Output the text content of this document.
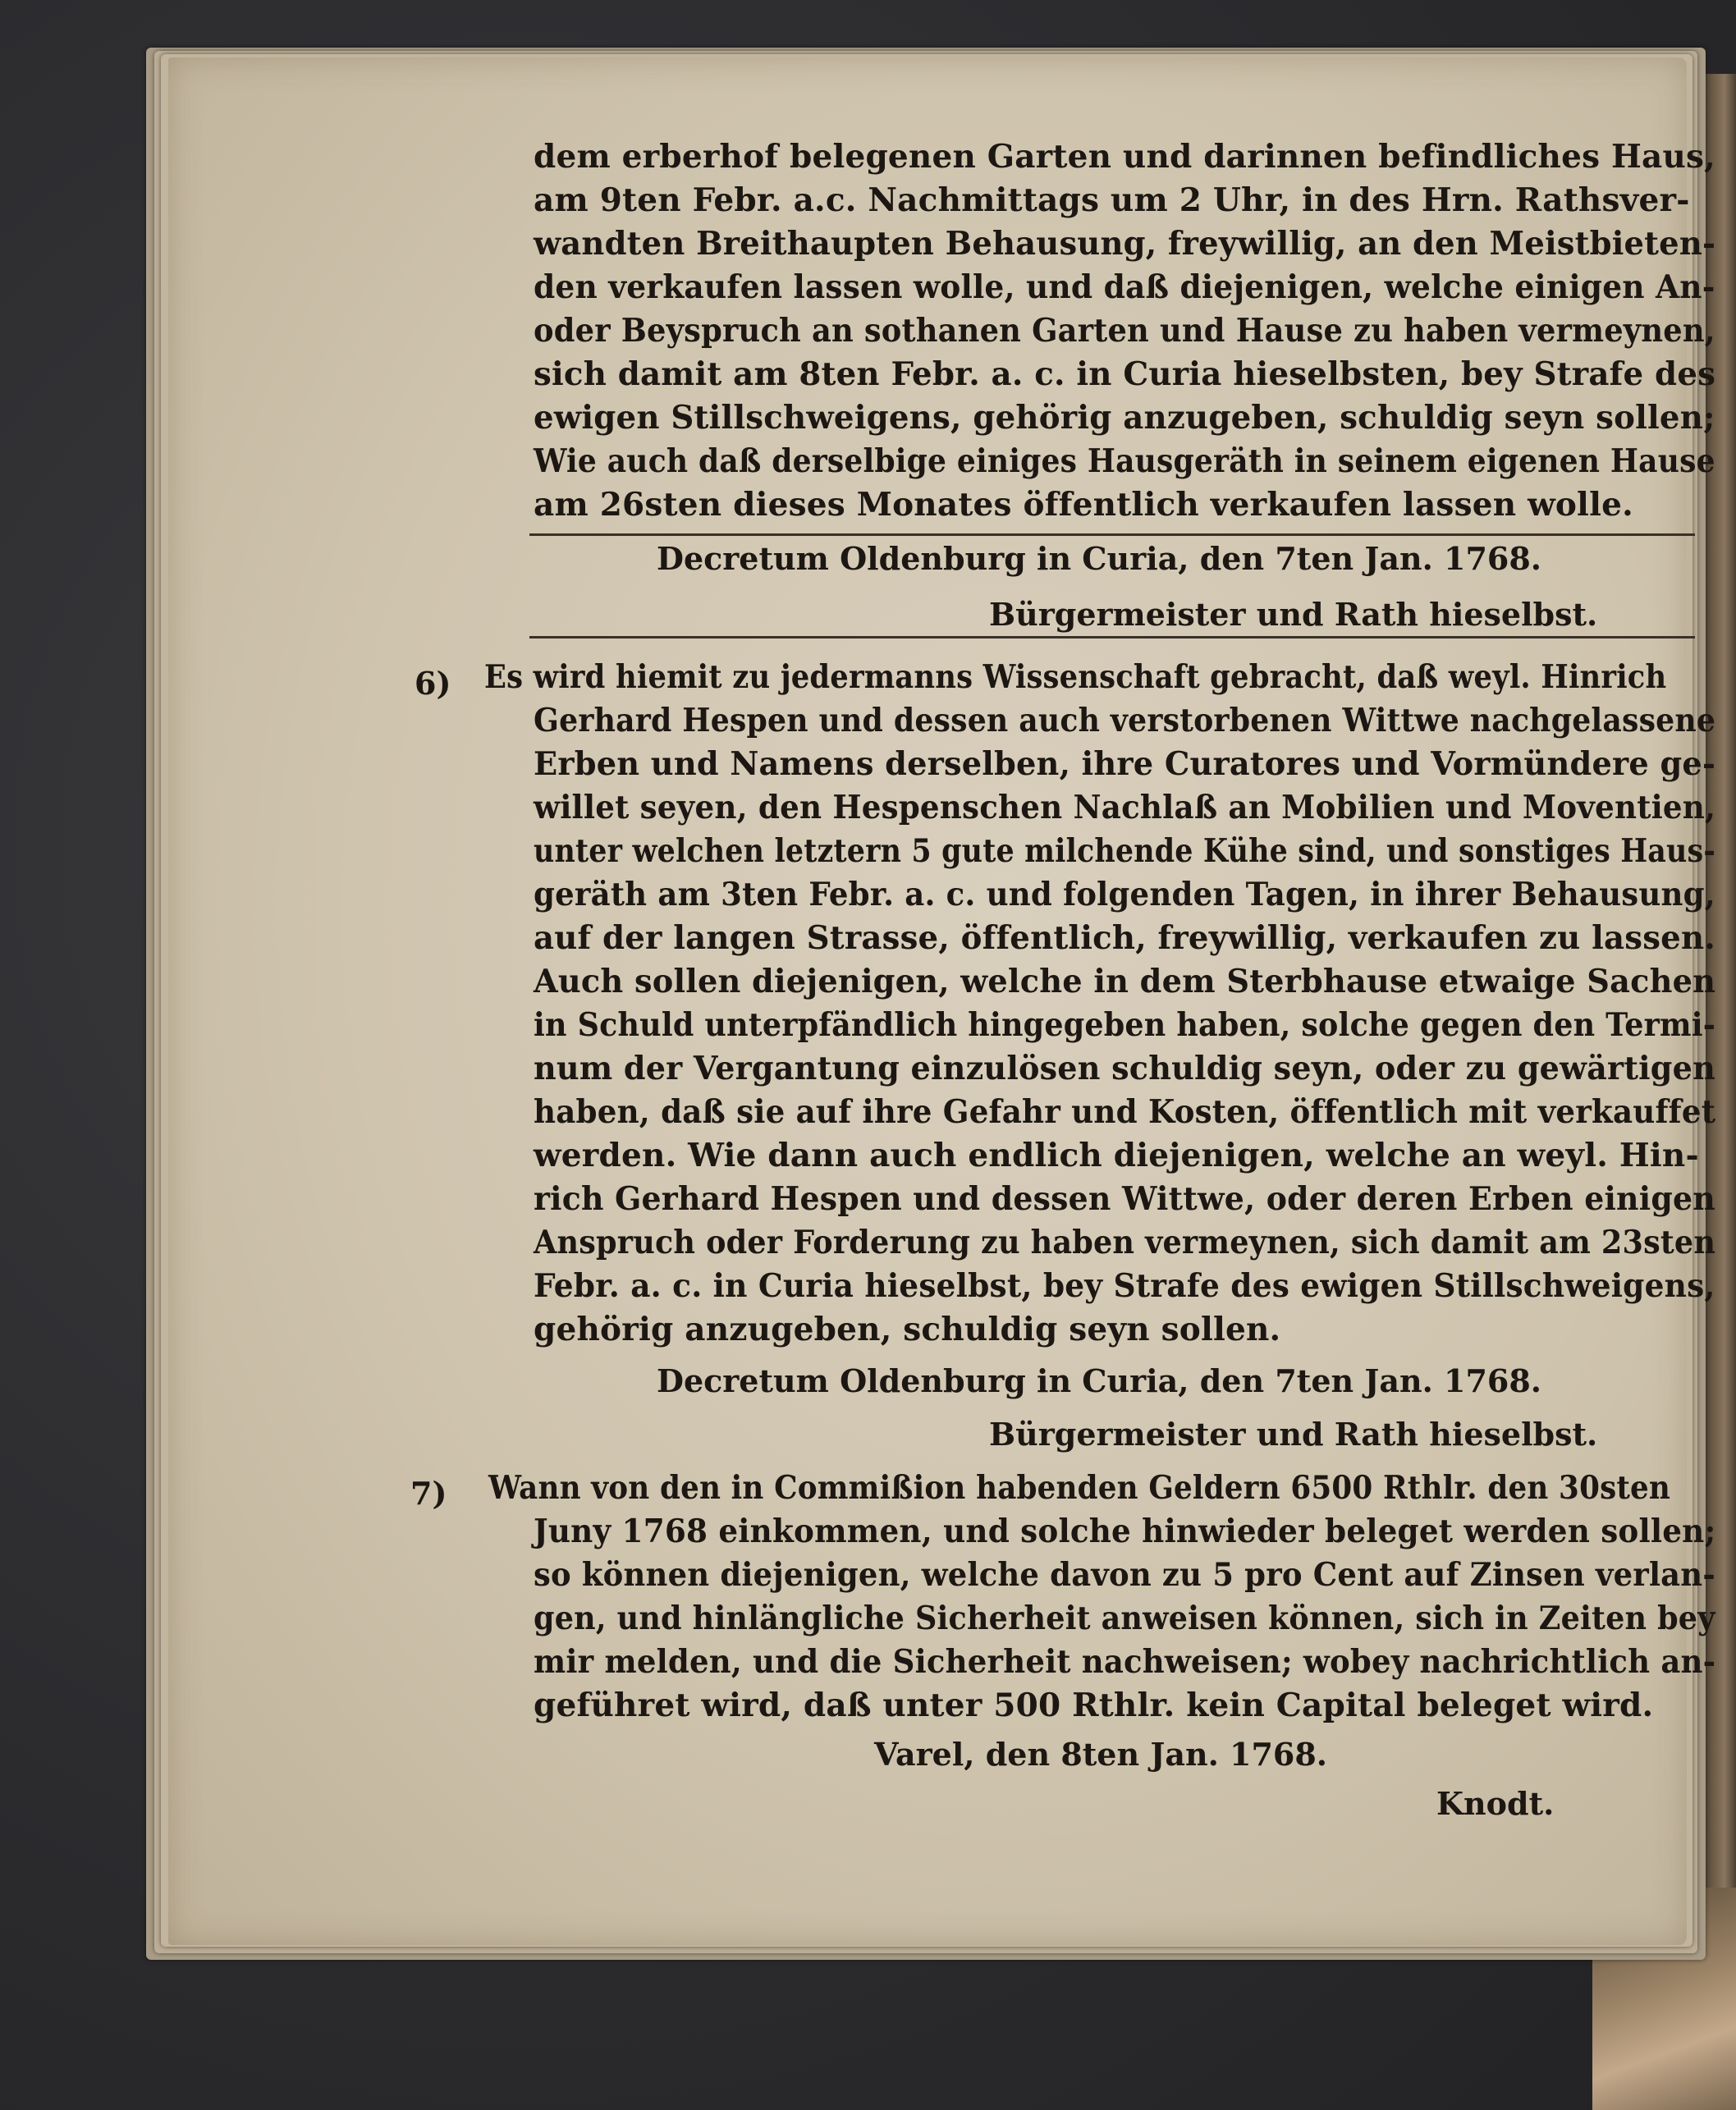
dem erberhof belegenen Garten und darinnen befindliches Haus,
am 9ten Febr. a.c. Nachmittags um 2 Uhr, in des Hrn. Rathsver-
wandten Breithaupten Behausung, freywillig, an den Meistbieten-
den verkaufen lassen wolle, und daß diejenigen, welche einigen An-
oder Beyspruch an sothanen Garten und Hause zu haben vermeynen,
sich damit am 8ten Febr. a. c. in Curia hieselbsten, bey Strafe des
ewigen Stillschweigens, gehörig anzugeben, schuldig seyn sollen;
Wie auch daß derselbige einiges Hausgeräth in seinem eigenen Hause
am 26sten dieses Monates öffentlich verkaufen lassen wolle.
Decretum Oldenburg in Curia, den 7ten Jan. 1768.
Bürgermeister und Rath hieselbst.
6) Es wird hiemit zu jedermanns Wissenschaft gebracht, daß weyl. Hinrich
Gerhard Hespen und dessen auch verstorbenen Wittwe nachgelassene
Erben und Namens derselben, ihre Curatores und Vormündere ge-
willet seyen, den Hespenschen Nachlaß an Mobilien und Moventien,
unter welchen letztern 5 gute milchende Kühe sind, und sonstiges Haus-
geräth am 3ten Febr. a. c. und folgenden Tagen, in ihrer Behausung,
auf der langen Strasse, öffentlich, freywillig, verkaufen zu lassen.
Auch sollen diejenigen, welche in dem Sterbhause etwaige Sachen
in Schuld unterpfändlich hingegeben haben, solche gegen den Termi-
num der Vergantung einzulösen schuldig seyn, oder zu gewärtigen
haben, daß sie auf ihre Gefahr und Kosten, öffentlich mit verkauffet
werden. Wie dann auch endlich diejenigen, welche an weyl. Hin-
rich Gerhard Hespen und dessen Wittwe, oder deren Erben einigen
Anspruch oder Forderung zu haben vermeynen, sich damit am 23sten
Febr. a. c. in Curia hieselbst, bey Strafe des ewigen Stillschweigens,
gehörig anzugeben, schuldig seyn sollen.
Decretum Oldenburg in Curia, den 7ten Jan. 1768.
Bürgermeister und Rath hieselbst.
7) Wann von den in Commißion habenden Geldern 6500 Rthlr. den 30sten
Juny 1768 einkommen, und solche hinwieder beleget werden sollen;
so können diejenigen, welche davon zu 5 pro Cent auf Zinsen verlan-
gen, und hinlängliche Sicherheit anweisen können, sich in Zeiten bey
mir melden, und die Sicherheit nachweisen; wobey nachrichtlich an-
geführet wird, daß unter 500 Rthlr. kein Capital beleget wird.
Varel, den 8ten Jan. 1768.
Knodt.
